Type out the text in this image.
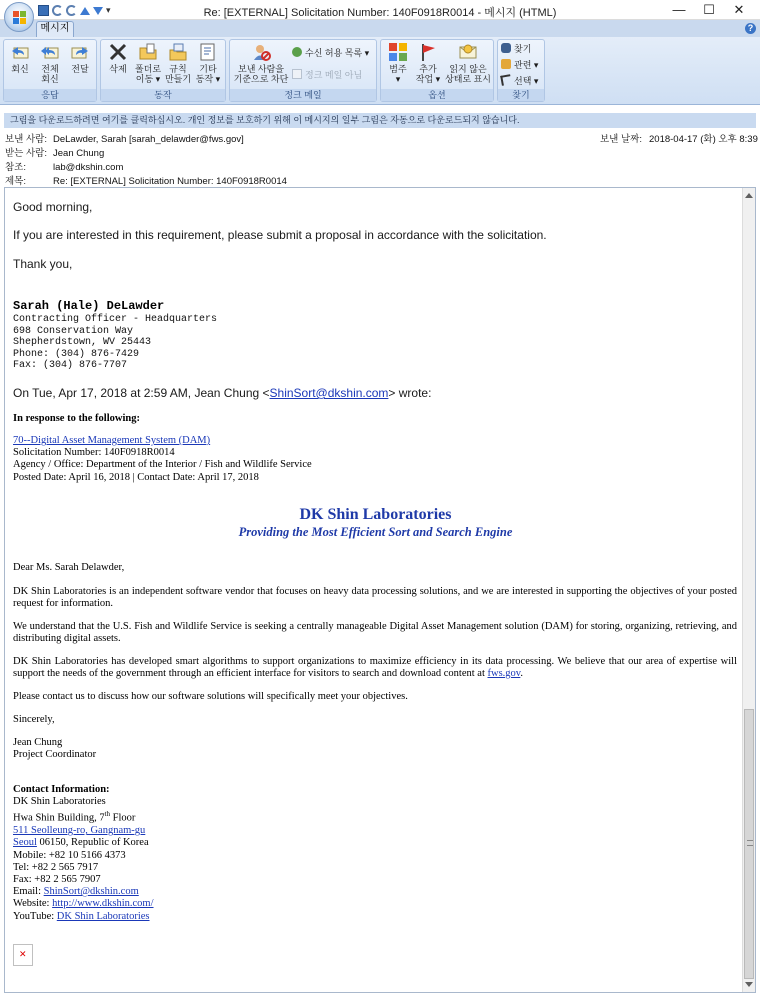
▾	Re: [EXTERNAL] Solicitation Number: 140F0918R0014 - 메시지 (HTML)	—	☐	✕
메시지	?
회신	전체
회신
전달
응답
삭제 폴더로
이동 ▾
규칙
만들기
기타
동작 ▾
동작
보낸 사람을
기준으로 차단
수신 허용 목록 ▾
정크 메일 아님
정크 메일
범주
▾
추가
작업 ▾
읽지 않은
상태로 표시
옵션
찾기
관련 ▾
선택 ▾
찾기
그림을 다운로드하려면 여기를 클릭하십시오. 개인 정보를 보호하기 위해 이 메시지의 일부 그림은 자동으로 다운로드되지 않습니다.
보낸 사람: DeLawder, Sarah [sarah_delawder@fws.gov]	보낸 날짜: 2018-04-17 (화) 오후 8:39
받는 사람: Jean Chung
참조:	lab@dkshin.com
제목:	Re: [EXTERNAL] Solicitation Number: 140F0918R0014
Good morning,
If you are interested in this requirement, please submit a proposal in accordance with the solicitation.
Thank you,
Sarah (Hale) DeLawder
Contracting Officer - Headquarters
698 Conservation Way
Shepherdstown, WV 25443
Phone: (304) 876-7429
Fax: (304) 876-7707
On Tue, Apr 17, 2018 at 2:59 AM, Jean Chung <ShinSort@dkshin.com> wrote:
In response to the following:
70--Digital Asset Management System (DAM)
Solicitation Number: 140F0918R0014
Agency / Office: Department of the Interior / Fish and Wildlife Service
Posted Date: April 16, 2018 | Contact Date: April 17, 2018
DK Shin Laboratories
Providing the Most Efficient Sort and Search Engine
Dear Ms. Sarah Delawder,
DK Shin Laboratories is an independent software vendor that focuses on heavy data processing solutions, and we are interested in supporting the objectives of your posted request for information.
We understand that the U.S. Fish and Wildlife Service is seeking a centrally manageable Digital Asset Management solution (DAM) for storing, organizing, retrieving, and distributing digital assets.
DK Shin Laboratories has developed smart algorithms to support organizations to maximize efficiency in its data processing. We believe that our area of expertise will support the needs of the government through an efficient interface for visitors to search and download content at fws.gov.
Please contact us to discuss how our software solutions will specifically meet your objectives.
Sincerely,
Jean Chung
Project Coordinator
Contact Information:
DK Shin Laboratories
Hwa Shin Building, 7th Floor
511 Seolleung-ro, Gangnam-gu
Seoul 06150, Republic of Korea
Mobile: +82 10 5166 4373
Tel: +82 2 565 7917
Fax: +82 2 565 7907
Email: ShinSort@dkshin.com
Website: http://www.dkshin.com/
YouTube: DK Shin Laboratories
✕
